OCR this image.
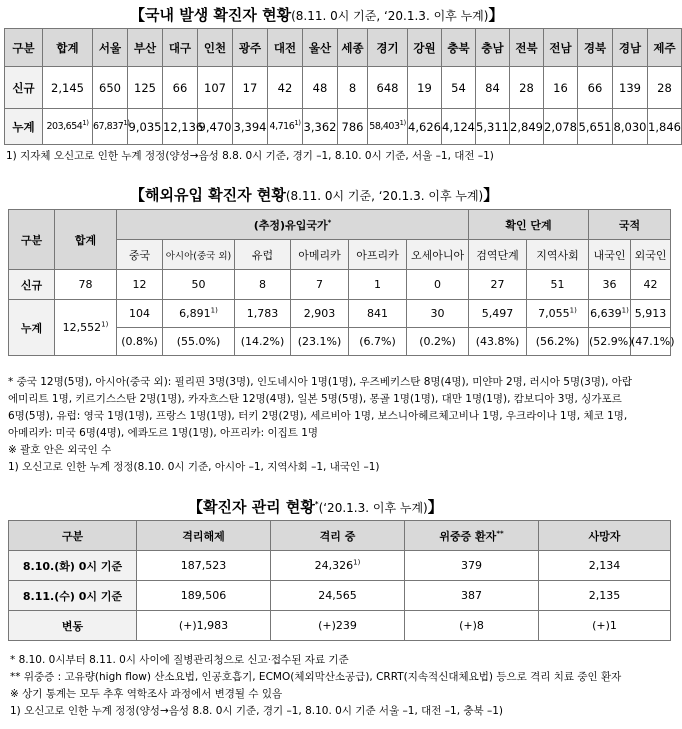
【국내 발생 확진자 현황(8.11. 0시 기준, ‘20.1.3. 이후 누계)】
구분	합계	서울	부산	대구	인천	광주	대전	울산	세종	경기	강원	충북	충남	전북	전남	경북	경남	제주
신규	2,145	650	125	66	107	17	42	48	8	648	19	54	84	28	16	66	139	28
누계	203,654$^{1)}$	67,837$^{1)}$	9,035	12,136	9,470	3,394	4,716$^{1)}$	3,362	786	58,403$^{1)}$	4,626	4,124	5,311	2,849	2,078	5,651	8,030	1,846
1) 지자체 오신고로 인한 누계 정정(양성→음성 8.8. 0시 기준, 경기 –1, 8.10. 0시 기준, 서울 –1, 대전 –1)
【해외유입 확진자 현황(8.11. 0시 기준, ‘20.1.3. 이후 누계)】
구분	합계	(추정)유입국가*						확인 단계		국적	
		중국	아시아(중국 외)	유럽	아메리카	아프리카	오세아니아	검역단계	지역사회	내국인	외국인
신규	78	12	50	8	7	1	0	27	51	36	42
누계	12,552$^{1)}$	104	6,891$^{1)}$	1,783	2,903	841	30	5,497	7,055$^{1)}$	6,639$^{1)}$	5,913
		(0.8%)	(55.0%)	(14.2%)	(23.1%)	(6.7%)	(0.2%)	(43.8%)	(56.2%)	(52.9%)	(47.1%)
* 중국 12명(5명), 아시아(중국 외): 필리핀 3명(3명), 인도네시아 1명(1명), 우즈베키스탄 8명(4명), 미얀마 2명, 러시아 5명(3명), 아랍
에미리트 1명, 키르기스스탄 2명(1명), 카자흐스탄 12명(4명), 일본 5명(5명), 몽골 1명(1명), 대만 1명(1명), 캄보디아 3명, 싱가포르
6명(5명), 유럽: 영국 1명(1명), 프랑스 1명(1명), 터키 2명(2명), 세르비아 1명, 보스니아헤르체고비나 1명, 우크라이나 1명, 체코 1명,
아메리카: 미국 6명(4명), 에콰도르 1명(1명), 아프리카: 이집트 1명
※ 괄호 안은 외국인 수
1) 오신고로 인한 누계 정정(8.10. 0시 기준, 아시아 –1, 지역사회 –1, 내국인 –1)
【확진자 관리 현황*(‘20.1.3. 이후 누계)】
구분	격리해제	격리 중	위중증 환자**	사망자
8.10.(화) 0시 기준	187,523	24,326$^{1)}$	379	2,134
8.11.(수) 0시 기준	189,506	24,565	387	2,135
변동	(+)1,983	(+)239	(+)8	(+)1
* 8.10. 0시부터 8.11. 0시 사이에 질병관리청으로 신고·접수된 자료 기준
** 위중증 : 고유량(high flow) 산소요법, 인공호흡기, ECMO(체외막산소공급), CRRT(지속적신대체요법) 등으로 격리 치료 중인 환자
※ 상기 통계는 모두 추후 역학조사 과정에서 변경될 수 있음
1) 오신고로 인한 누계 정정(양성→음성 8.8. 0시 기준, 경기 –1, 8.10. 0시 기준 서울 –1, 대전 –1, 충북 –1)
